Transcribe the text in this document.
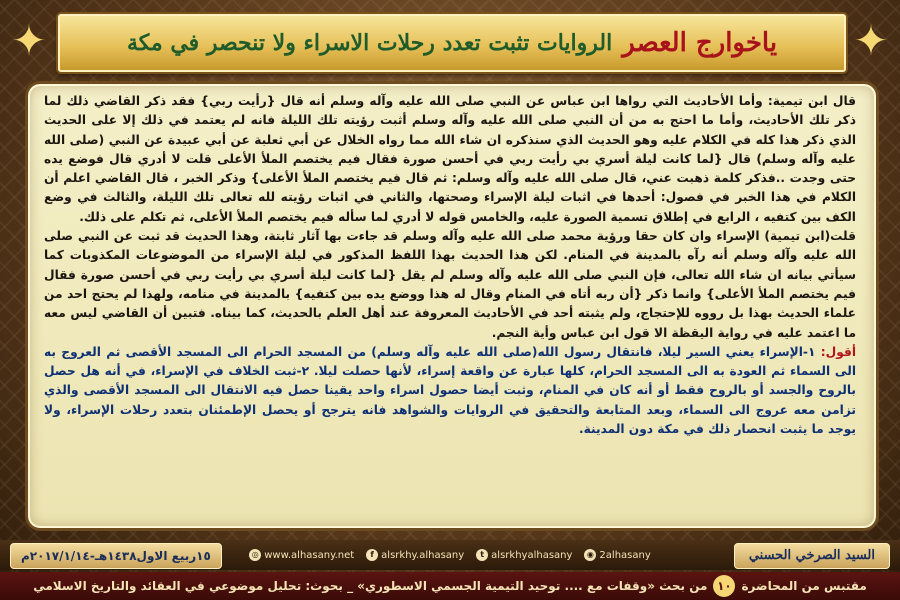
✦	✦
ياخوارج العصر
الروايات تثبت تعدد رحلات الاسراء ولا تنحصر في مكة

قال ابن تيمية: وأما الأحاديث التي رواها ابن عباس عن النبي صلى الله عليه وآله وسلم أنه قال {رأيت ربي} فقد ذكر القاضي ذلك لما ذكر تلك الأحاديث، وأما ما احتج به من أن النبي صلى الله عليه وآله وسلم أثبت رؤيته تلك الليلة فانه لم يعتمد في ذلك إلا على الحديث الذي ذكر هذا كله في الكلام عليه وهو الحديث الذي سنذكره ان شاء الله مما رواه الخلال عن أبي ثعلبة عن أبي عبيدة عن النبي (صلى الله عليه وآله وسلم) قال {لما كانت ليلة أسري بي رأيت ربي في أحسن صورة فقال فيم يختصم الملأ الأعلى قلت لا أدري قال فوضع يده حتى وجدت ..فذكر كلمة ذهبت عني، قال صلى الله عليه وآله وسلم: ثم قال فيم يختصم الملأ الأعلى} وذكر الخبر ، قال القاضي اعلم أن الكلام في هذا الخبر في فصول: أحدها في اثبات ليلة الإسراء وصحتها، والثاني في اثبات رؤيته لله تعالى تلك الليلة، والثالث في وضع الكف بين كتفيه ، الرابع في إطلاق تسمية الصورة عليه، والخامس قوله لا أدري لما سأله فيم يختصم الملأ الأعلى، ثم تكلم على ذلك.

قلت(ابن تيمية) الإسراء وان كان حقا ورؤية محمد صلى الله عليه وآله وسلم قد جاءت بها آثار ثابتة، وهذا الحديث قد ثبت عن النبي صلى الله عليه وآله وسلم أنه رآه بالمدينة في المنام. لكن هذا الحديث بهذا اللفظ المذكور في ليلة الإسراء من الموضوعات المكذوبات كما سيأتي بيانه ان شاء الله تعالى، فإن النبي صلى الله عليه وآله وسلم لم يقل {لما كانت ليلة أسري بي رأيت ربي في أحسن صورة فقال فيم يختصم الملأ الأعلى} وانما ذكر {أن ربه أتاه في المنام وقال له هذا ووضع يده بين كتفيه} بالمدينة في منامه، ولهذا لم يحتج احد من علماء الحديث بهذا بل رووه للإحتجاج، ولم يثبته أحد في الأحاديث المعروفة عند أهل العلم بالحديث، كما بيناه. فتبين أن القاضي ليس معه ما اعتمد عليه في رواية اليقظة الا قول ابن عباس وأية النجم.

أقول: ١-الإسراء يعني السير ليلا، فانتقال رسول الله(صلى الله عليه وآله وسلم) من المسجد الحرام الى المسجد الأقصى ثم العروج به الى السماء ثم العودة به الى المسجد الحرام، كلها عبارة عن واقعة إسراء، لأنها حصلت ليلا. ٢-ثبت الخلاف في الإسراء، في أنه هل حصل بالروح والجسد أو بالروح فقط أو أنه كان في المنام، وثبت أيضا حصول اسراء واحد يقينا حصل فيه الانتقال الى المسجد الأقصى والذي تزامن معه عروج الى السماء، وبعد المتابعة والتحقيق في الروايات والشواهد فانه يترجح أو يحصل الإطمئنان بتعدد رحلات الإسراء، ولا يوجد ما يثبت انحصار ذلك في مكة دون المدينة.

السيد الصرخي الحسني
◎ www.alhasany.net	f alsrkhy.alhasany	t alsrkhyalhasany	◉ 2alhasany
١٥ربيع الاول١٤٣٨هـ-٢٠١٧/١/١٤م
مقتبس من المحاضرة
١٠
من بحث «وقفات مع .... توحيد التيمية الجسمي الاسطوري» _ بحوث: تحليل موضوعي في العقائد والتاريخ الاسلامي
